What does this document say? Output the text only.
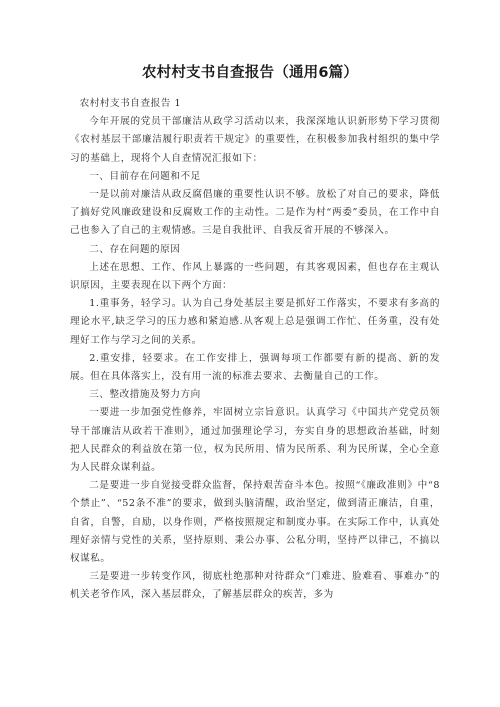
农村村支书自查报告（通用6篇）

农村村支书自查报告 1

今年开展的党员干部廉洁从政学习活动以来，我深深地认识新形势下学习贯彻《农村基层干部廉洁履行职责若干规定》的重要性，在积极参加我村组织的集中学习的基础上，现将个人自查情况汇报如下：

一、目前存在问题和不足

一是以前对廉洁从政反腐倡廉的重要性认识不够。放松了对自己的要求，降低了搞好党风廉政建设和反腐败工作的主动性。二是作为村“两委”委员，在工作中自己也参入了自己的主观情感。三是自我批评、自我反省开展的不够深入。

二、存在问题的原因

上述在思想、工作、作风上暴露的一些问题，有其客观因素，但也存在主观认识原因，主要表现在以下两个方面：

1.重事务，轻学习。认为自己身处基层主要是抓好工作落实，不要求有多高的理论水平,缺乏学习的压力感和紧迫感.从客观上总是强调工作忙、任务重，没有处理好工作与学习之间的关系。

2.重安排，轻要求。在工作安排上，强调每项工作都要有新的提高、新的发展。但在具体落实上，没有用一流的标准去要求、去衡量自己的工作。

三、整改措施及努力方向

一要进一步加强党性修养，牢固树立宗旨意识。认真学习《中国共产党党员领导干部廉洁从政若干准则》，通过加强理论学习，夯实自身的思想政治基础，时刻把人民群众的利益放在第一位，权为民所用、情为民所系、利为民所谋，全心全意为人民群众谋利益。

二是要进一步自觉接受群众监督，保持艰苦奋斗本色。按照“《廉政准则》中“8个禁止”、“52条不准”的要求，做到头脑清醒，政治坚定，做到清正廉洁，自重，自省，自警，自励，以身作则，严格按照规定和制度办事。在实际工作中，认真处理好亲情与党性的关系，坚持原则、秉公办事、公私分明，坚持严以律己，不搞以权谋私。

三是要进一步转变作风，彻底杜绝那种对待群众“门难进、脸难看、事难办”的机关老爷作风，深入基层群众，了解基层群众的疾苦，多为
